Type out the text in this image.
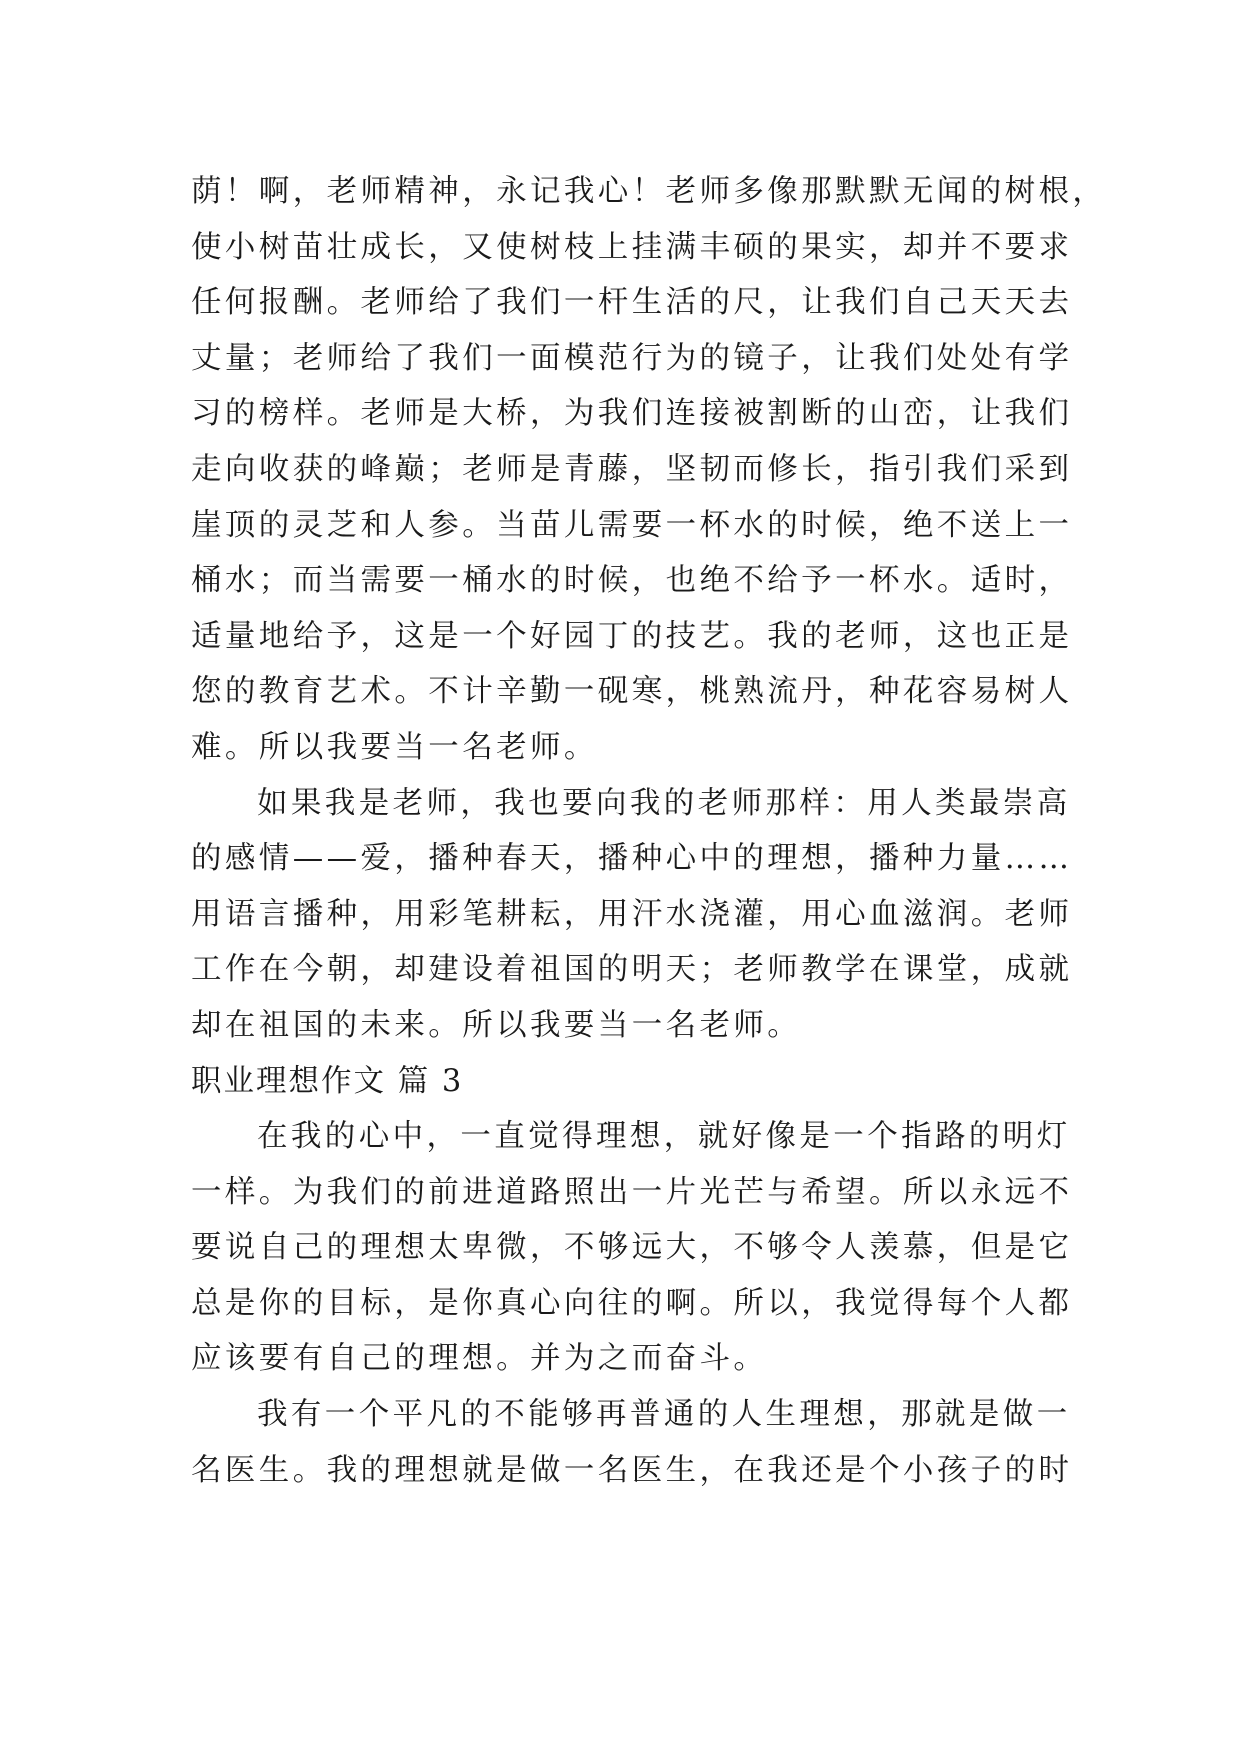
荫！啊，老师精神，永记我心！老师多像那默默无闻的树根，
使小树苗壮成长，又使树枝上挂满丰硕的果实，却并不要求
任何报酬。老师给了我们一杆生活的尺，让我们自己天天去
丈量；老师给了我们一面模范行为的镜子，让我们处处有学
习的榜样。老师是大桥，为我们连接被割断的山峦，让我们
走向收获的峰巅；老师是青藤，坚韧而修长，指引我们采到
崖顶的灵芝和人参。当苗儿需要一杯水的时候，绝不送上一
桶水；而当需要一桶水的时候，也绝不给予一杯水。适时，
适量地给予，这是一个好园丁的技艺。我的老师，这也正是
您的教育艺术。不计辛勤一砚寒，桃熟流丹，种花容易树人
难。所以我要当一名老师。
如果我是老师，我也要向我的老师那样：用人类最崇高
的感情——爱，播种春天，播种心中的理想，播种力量……
用语言播种，用彩笔耕耘，用汗水浇灌，用心血滋润。老师
工作在今朝，却建设着祖国的明天；老师教学在课堂，成就
却在祖国的未来。所以我要当一名老师。
职业理想作文 篇 3
在我的心中，一直觉得理想，就好像是一个指路的明灯
一样。为我们的前进道路照出一片光芒与希望。所以永远不
要说自己的理想太卑微，不够远大，不够令人羡慕，但是它
总是你的目标，是你真心向往的啊。所以，我觉得每个人都
应该要有自己的理想。并为之而奋斗。
我有一个平凡的不能够再普通的人生理想，那就是做一
名医生。我的理想就是做一名医生，在我还是个小孩子的时
